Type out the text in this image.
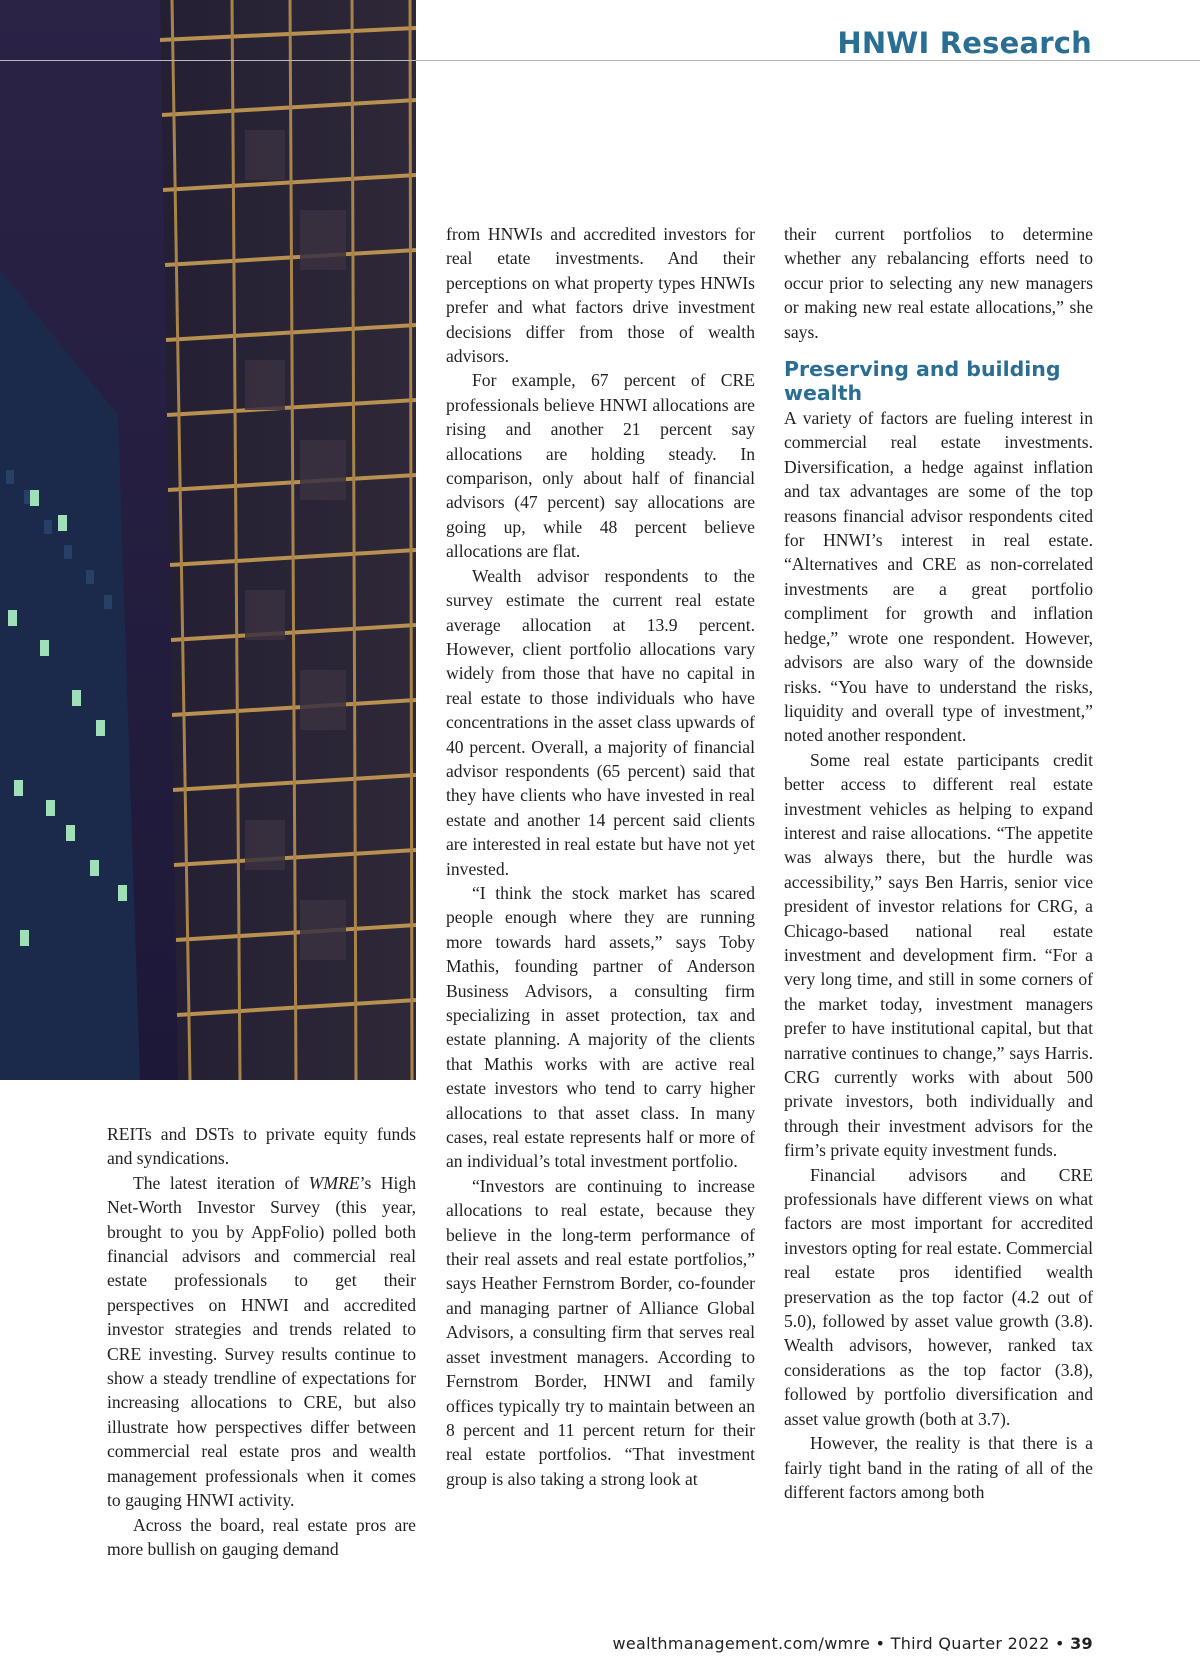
HNWI Research

REITs and DSTs to private equity funds and syndications.

The latest iteration of WMRE’s High Net-Worth Investor Survey (this year, brought to you by AppFolio) polled both financial advisors and commercial real estate professionals to get their perspectives on HNWI and accredited investor strategies and trends related to CRE investing. Survey results continue to show a steady trendline of expectations for increasing allocations to CRE, but also illustrate how perspectives differ between commercial real estate pros and wealth management professionals when it comes to gauging HNWI activity.

Across the board, real estate pros are more bullish on gauging demand

from HNWIs and accredited investors for real etate investments. And their perceptions on what property types HNWIs prefer and what factors drive investment decisions differ from those of wealth advisors.

For example, 67 percent of CRE professionals believe HNWI allocations are rising and another 21 percent say allocations are holding steady. In comparison, only about half of financial advisors (47 percent) say allocations are going up, while 48 percent believe allocations are flat.

Wealth advisor respondents to the survey estimate the current real estate average allocation at 13.9 percent. However, client portfolio allocations vary widely from those that have no capital in real estate to those individuals who have concentrations in the asset class upwards of 40 percent. Overall, a majority of financial advisor respondents (65 percent) said that they have clients who have invested in real estate and another 14 percent said clients are interested in real estate but have not yet invested.

“I think the stock market has scared people enough where they are running more towards hard assets,” says Toby Mathis, founding partner of Anderson Business Advisors, a consulting firm specializing in asset protection, tax and estate planning. A majority of the clients that Mathis works with are active real estate investors who tend to carry higher allocations to that asset class. In many cases, real estate represents half or more of an individual’s total investment portfolio.

“Investors are continuing to increase allocations to real estate, because they believe in the long-term performance of their real assets and real estate portfolios,” says Heather Fernstrom Border, co-founder and managing partner of Alliance Global Advisors, a consulting firm that serves real asset investment managers. According to Fernstrom Border, HNWI and family offices typically try to maintain between an 8 percent and 11 percent return for their real estate portfolios. “That investment group is also taking a strong look at

their current portfolios to determine whether any rebalancing efforts need to occur prior to selecting any new managers or making new real estate allocations,” she says.

Preserving and building wealth

A variety of factors are fueling interest in commercial real estate investments. Diversification, a hedge against inflation and tax advantages are some of the top reasons financial advisor respondents cited for HNWI’s interest in real estate. “Alternatives and CRE as non-correlated investments are a great portfolio compliment for growth and inflation hedge,” wrote one respondent. However, advisors are also wary of the downside risks. “You have to understand the risks, liquidity and overall type of investment,” noted another respondent.

Some real estate participants credit better access to different real estate investment vehicles as helping to expand interest and raise allocations. “The appetite was always there, but the hurdle was accessibility,” says Ben Harris, senior vice president of investor relations for CRG, a Chicago-based national real estate investment and development firm. “For a very long time, and still in some corners of the market today, investment managers prefer to have institutional capital, but that narrative continues to change,” says Harris. CRG currently works with about 500 private investors, both individually and through their investment advisors for the firm’s private equity investment funds.

Financial advisors and CRE professionals have different views on what factors are most important for accredited investors opting for real estate. Commercial real estate pros identified wealth preservation as the top factor (4.2 out of 5.0), followed by asset value growth (3.8). Wealth advisors, however, ranked tax considerations as the top factor (3.8), followed by portfolio diversification and asset value growth (both at 3.7).

However, the reality is that there is a fairly tight band in the rating of all of the different factors among both

wealthmanagement.com/wmre • Third Quarter 2022 • 39
